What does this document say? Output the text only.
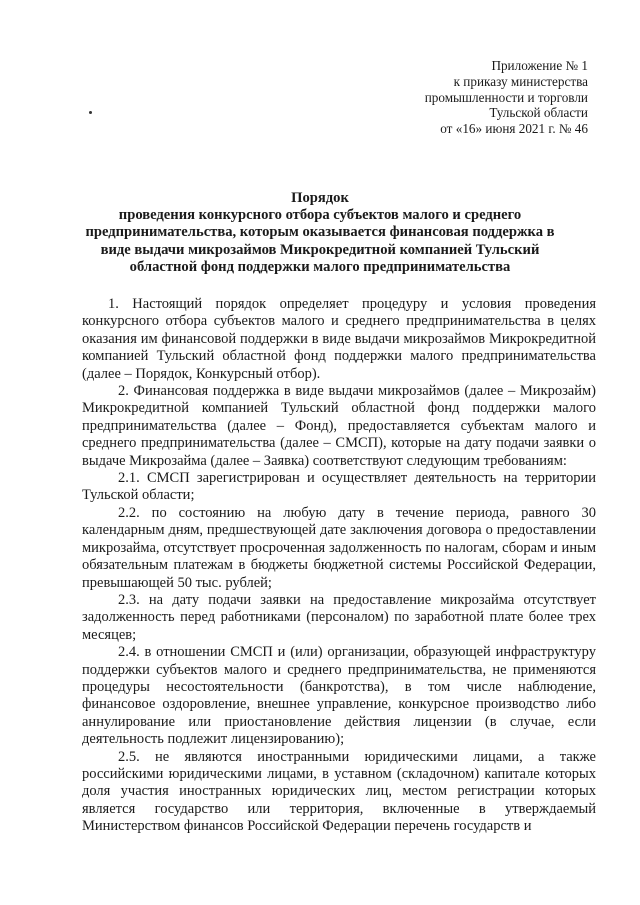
Приложение № 1
к приказу министерства
промышленности и торговли
Тульской области
от «16» июня 2021 г. № 46
Порядок
проведения конкурсного отбора субъектов малого и среднего предпринимательства, которым оказывается финансовая поддержка в виде выдачи микрозаймов Микрокредитной компанией Тульский областной фонд поддержки малого предпринимательства

1. Настоящий порядок определяет процедуру и условия проведения конкурсного отбора субъектов малого и среднего предпринимательства в целях оказания им финансовой поддержки в виде выдачи микрозаймов Микрокредитной компанией Тульский областной фонд поддержки малого предпринимательства (далее – Порядок, Конкурсный отбор).

2. Финансовая поддержка в виде выдачи микрозаймов (далее – Микрозайм) Микрокредитной компанией Тульский областной фонд поддержки малого предпринимательства (далее – Фонд), предоставляется субъектам малого и среднего предпринимательства (далее – СМСП), которые на дату подачи заявки о выдаче Микрозайма (далее – Заявка) соответствуют следующим требованиям:

2.1. СМСП зарегистрирован и осуществляет деятельность на территории Тульской области;

2.2. по состоянию на любую дату в течение периода, равного 30 календарным дням, предшествующей дате заключения договора о предоставлении микрозайма, отсутствует просроченная задолженность по налогам, сборам и иным обязательным платежам в бюджеты бюджетной системы Российской Федерации, превышающей 50 тыс. рублей;

2.3. на дату подачи заявки на предоставление микрозайма отсутствует задолженность перед работниками (персоналом) по заработной плате более трех месяцев;

2.4. в отношении СМСП и (или) организации, образующей инфраструктуру поддержки субъектов малого и среднего предпринимательства, не применяются процедуры несостоятельности (банкротства), в том числе наблюдение, финансовое оздоровление, внешнее управление, конкурсное производство либо аннулирование или приостановление действия лицензии (в случае, если деятельность подлежит лицензированию);

2.5. не являются иностранными юридическими лицами, а также российскими юридическими лицами, в уставном (складочном) капитале которых доля участия иностранных юридических лиц, местом регистрации которых является государство или территория, включенные в утверждаемый Министерством финансов Российской Федерации перечень государств и
